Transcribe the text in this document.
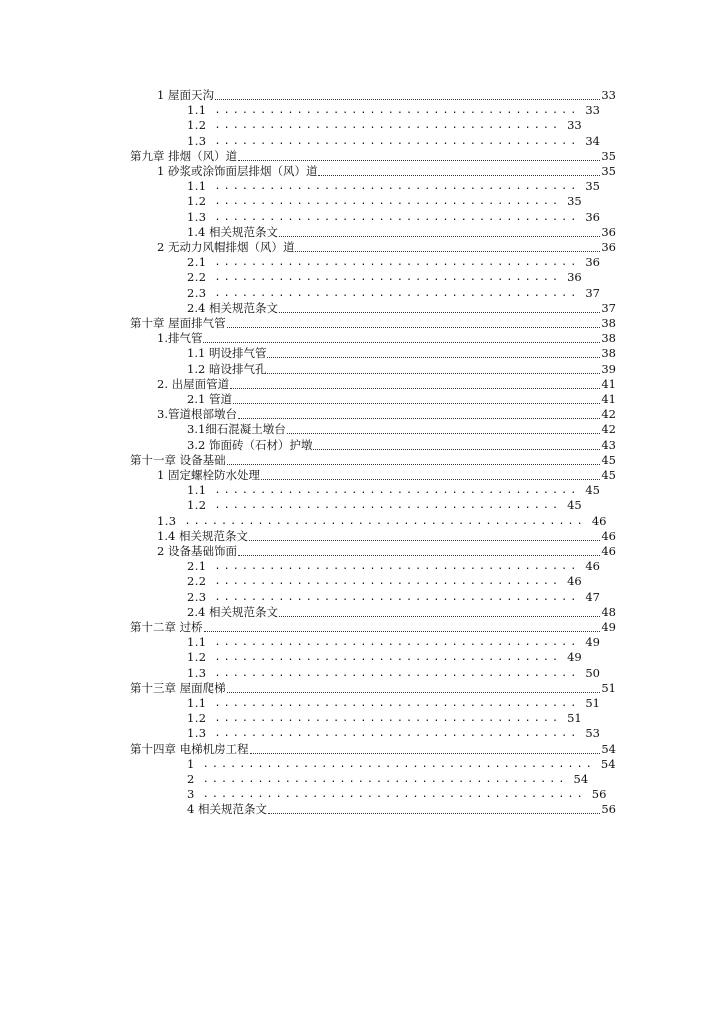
1 屋面天沟	33
1.1 ........................................ 33
1.2 ...................................... 33
1.3 ........................................ 34
第九章 排烟（风）道	35
1 砂浆或涂饰面层排烟（风）道	35
1.1 ........................................ 35
1.2 ...................................... 35
1.3 ........................................ 36
1.4 相关规范条文	36
2 无动力风帽排烟（风）道	36
2.1 ........................................ 36
2.2 ...................................... 36
2.3 ........................................ 37
2.4 相关规范条文	37
第十章 屋面排气管	38
1.排气管	38
1.1 明设排气管	38
1.2 暗设排气孔	39
2. 出屋面管道	41
2.1 管道	41
3.管道根部墩台	42
3.1细石混凝土墩台	42
3.2 饰面砖（石材）护墩	43
第十一章 设备基础	45
1 固定螺栓防水处理	45
1.1 ........................................ 45
1.2 ...................................... 45
1.3 ............................................ 46
1.4 相关规范条文	46
2 设备基础饰面	46
2.1 ........................................ 46
2.2 ...................................... 46
2.3 ........................................ 47
2.4 相关规范条文	48
第十二章 过桥	49
1.1 ........................................ 49
1.2 ...................................... 49
1.3 ........................................ 50
第十三章 屋面爬梯	51
1.1 ........................................ 51
1.2 ...................................... 51
1.3 ........................................ 53
第十四章 电梯机房工程	54
1 ........................................... 54
2 ........................................ 54
3 .......................................... 56
4 相关规范条文	56
